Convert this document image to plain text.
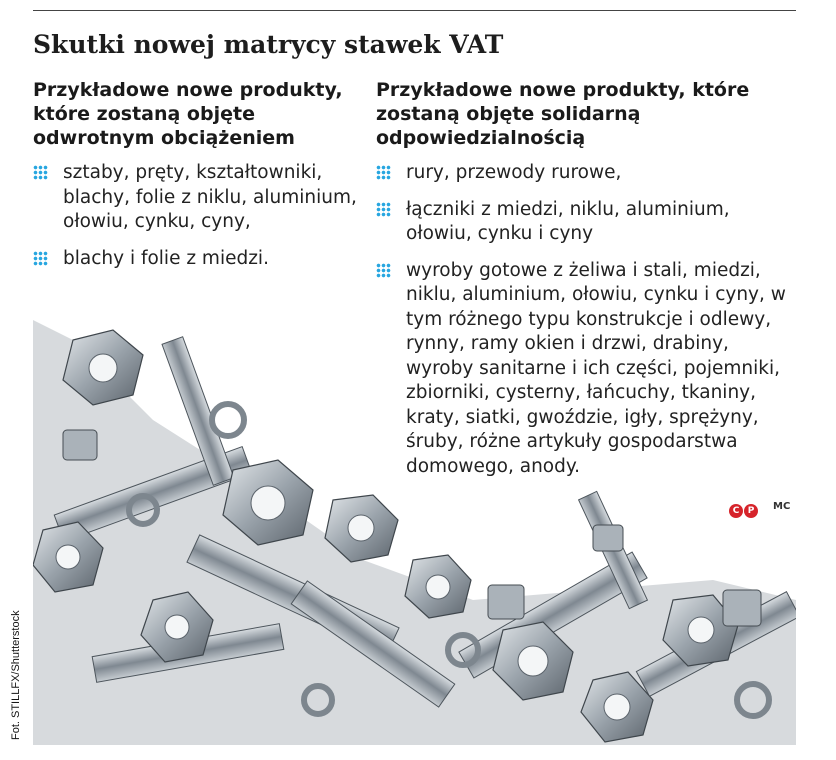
Skutki nowej matrycy stawek VAT
Przykładowe nowe produkty, które zostaną objęte odwrotnym obciążeniem
sztaby, pręty, kształtowniki, blachy, folie z niklu, aluminium, ołowiu, cynku, cyny,
blachy i folie z miedzi.
Przykładowe nowe produkty, które zostaną objęte solidarną odpowiedzialnością
rury, przewody rurowe,
łączniki z miedzi, niklu, aluminium, ołowiu, cynku i cyny
wyroby gotowe z żeliwa i stali, miedzi, niklu, aluminium, ołowiu, cynku i cyny, w tym różnego typu konstrukcje i odlewy, rynny, ramy okien i drzwi, drabiny, wyroby sanitarne i ich części, pojemniki, zbiorniki, cysterny, łańcuchy, tkaniny, kraty, siatki, gwoździe, igły, sprężyny, śruby, różne artykuły gospodarstwa domowego, anody.
C P	MC
Fot. STILLFX/Shutterstock
